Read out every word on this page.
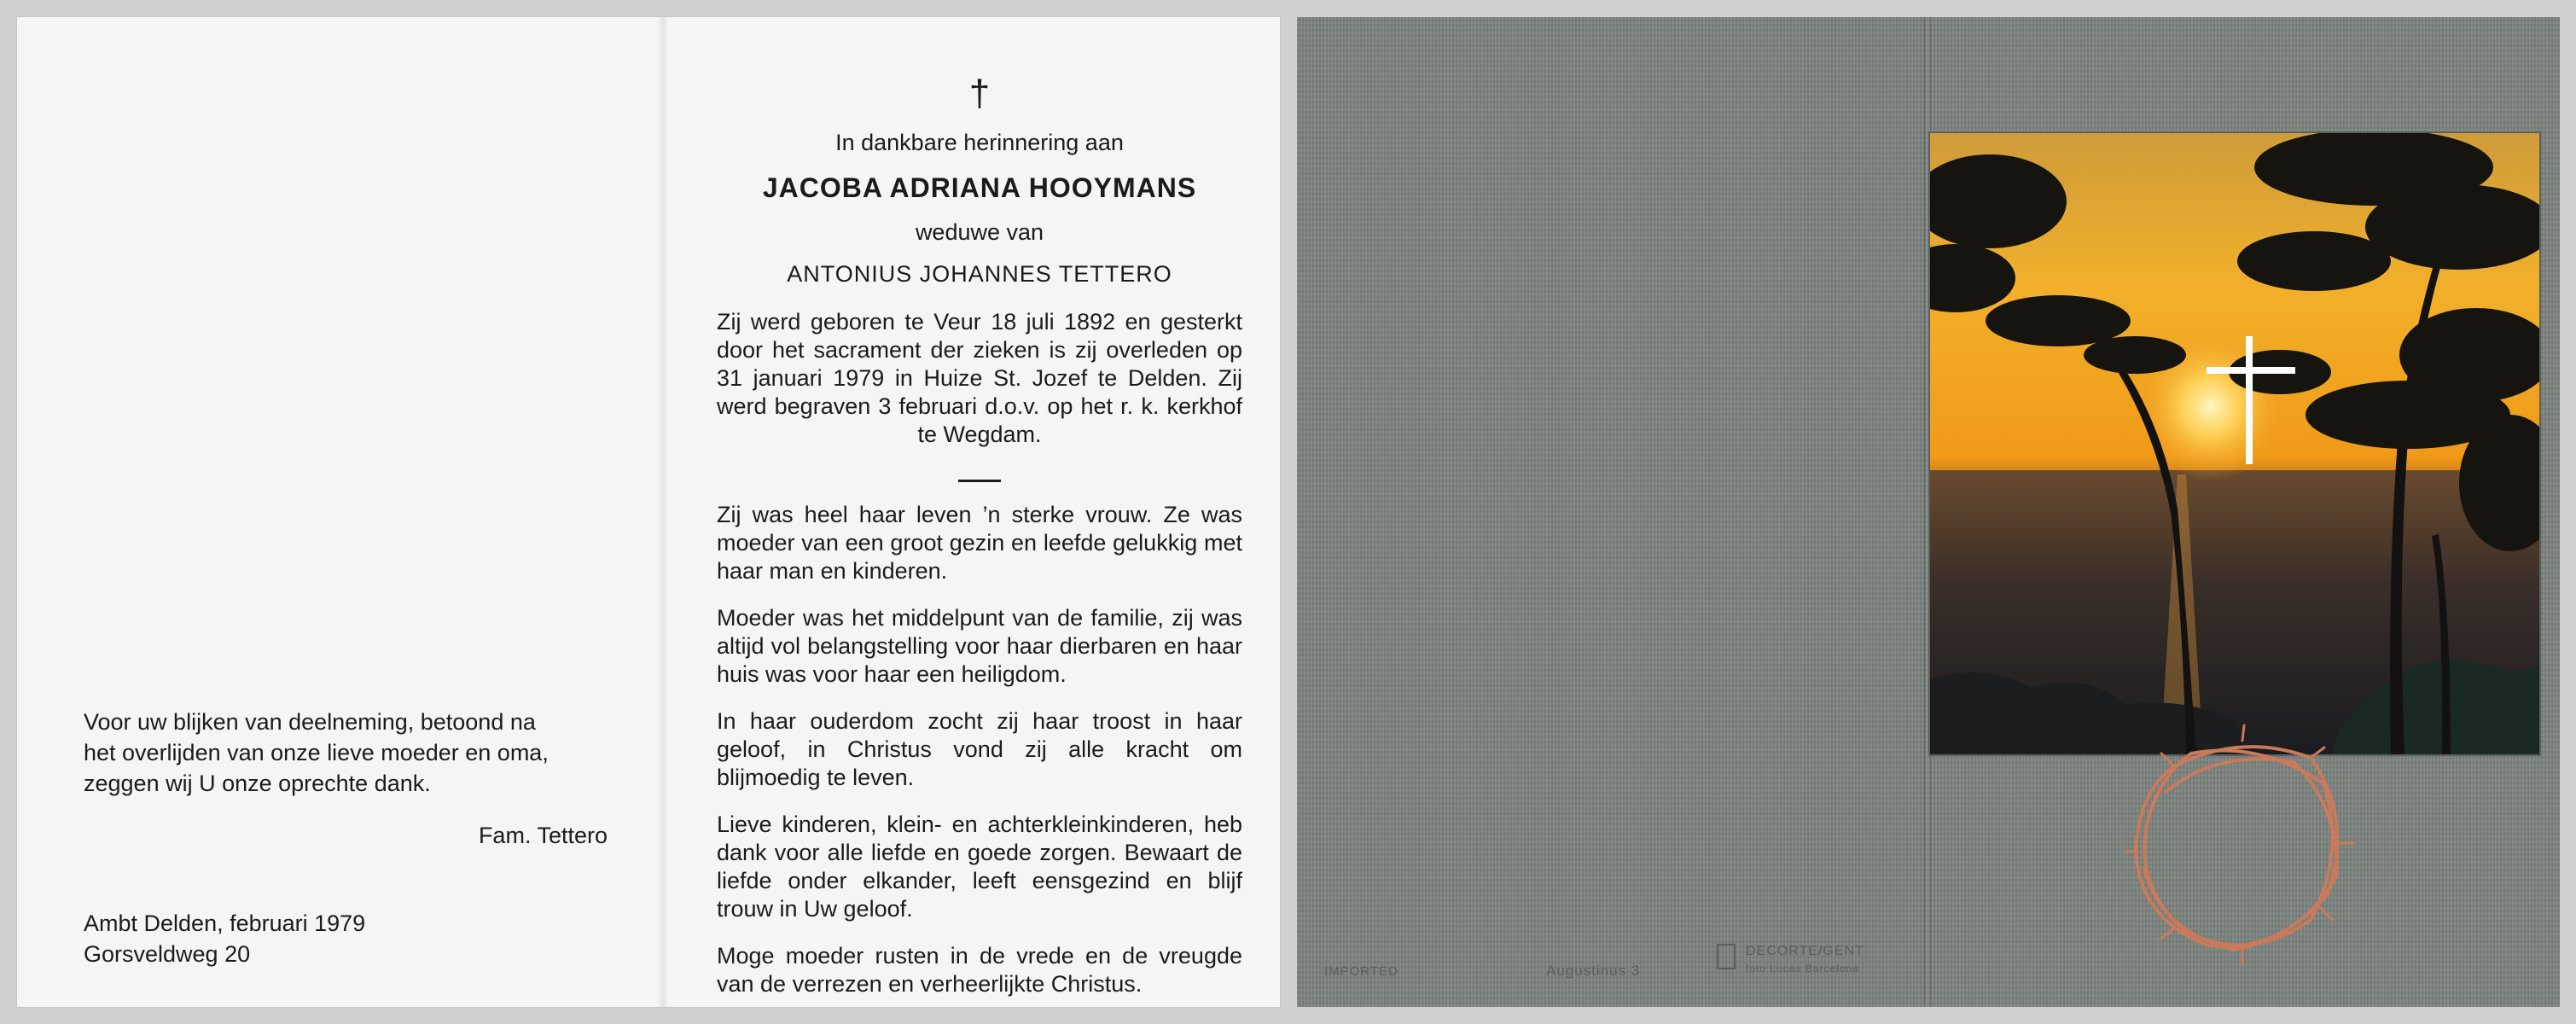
Voor uw blijken van deelneming, betoond na

het overlijden van onze lieve moeder en oma,

zeggen wij U onze oprechte dank.

Fam. Tettero
Ambt Delden, februari 1979
Gorsveldweg 20
†
In dankbare herinnering aan
JACOBA ADRIANA HOOYMANS
weduwe van
ANTONIUS JOHANNES TETTERO

Zij werd geboren te Veur 18 juli 1892 en gesterkt door het sacrament der zieken is zij overleden op 31 januari 1979 in Huize St. Jozef te Delden. Zij werd begraven 3 februari d.o.v. op het r. k. kerkhof te Wegdam.

Zij was heel haar leven ’n sterke vrouw. Ze was moeder van een groot gezin en leefde gelukkig met haar man en kinderen.

Moeder was het middelpunt van de familie, zij was altijd vol belangstelling voor haar dierbaren en haar huis was voor haar een heiligdom.

In haar ouderdom zocht zij haar troost in haar geloof, in Christus vond zij alle kracht om blijmoedig te leven.

Lieve kinderen, klein- en achterkleinkinderen, heb dank voor alle liefde en goede zorgen. Bewaart de liefde onder elkander, leeft eensgezind en blijf trouw in Uw geloof.

Moge moeder rusten in de vrede en de vreugde van de verrezen en verheerlijkte Christus.	IMPORTED	Augustinus 3
DECORTE/GENT
foto Lucas Barcelona
